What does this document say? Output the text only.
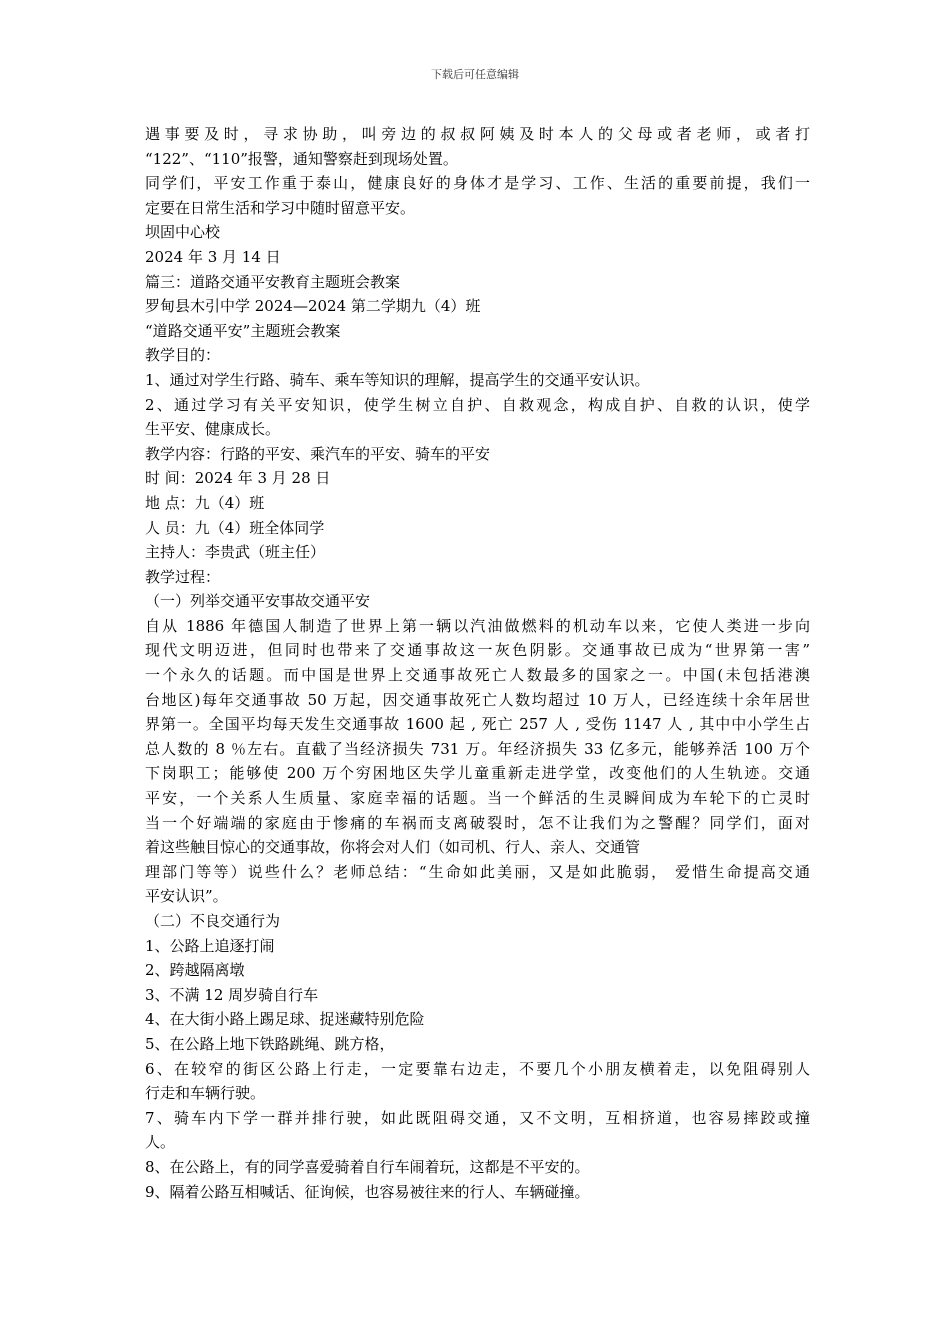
下载后可任意编辑
遇事要及时，寻求协助，叫旁边的叔叔阿姨及时本人的父母或者老师，或者打
“122”、“110”报警，通知警察赶到现场处置。
同学们，平安工作重于泰山，健康良好的身体才是学习、工作、生活的重要前提，我们一
定要在日常生活和学习中随时留意平安。
坝固中心校
2024 年 3 月 14 日
篇三：道路交通平安教育主题班会教案
罗甸县木引中学 2024—2024 第二学期九（4）班
“道路交通平安”主题班会教案
教学目的：
1、通过对学生行路、骑车、乘车等知识的理解，提高学生的交通平安认识。
2、通过学习有关平安知识，使学生树立自护、自救观念，构成自护、自救的认识，使学
生平安、健康成长。
教学内容：行路的平安、乘汽车的平安、骑车的平安
时 间：2024 年 3 月 28 日
地 点：九（4）班
人 员：九（4）班全体同学
主持人：李贵武（班主任）
教学过程：
（一）列举交通平安事故交通平安
自从 1886 年德国人制造了世界上第一辆以汽油做燃料的机动车以来，它使人类进一步向
现代文明迈进，但同时也带来了交通事故这一灰色阴影。交通事故已成为“世界第一害”
一个永久的话题。而中国是世界上交通事故死亡人数最多的国家之一。中国(未包括港澳
台地区)每年交通事故 50 万起，因交通事故死亡人数均超过 10 万人，已经连续十余年居世
界第一。全国平均每天发生交通事故 1600 起 , 死亡 257 人 , 受伤 1147 人 , 其中中小学生占
总人数的 8 ％左右。直截了当经济损失 731 万。年经济损失 33 亿多元，能够养活 100 万个
下岗职工；能够使 200 万个穷困地区失学儿童重新走进学堂，改变他们的人生轨迹。交通
平安，一个关系人生质量、家庭幸福的话题。当一个鲜活的生灵瞬间成为车轮下的亡灵时
当一个好端端的家庭由于惨痛的车祸而支离破裂时，怎不让我们为之警醒？同学们，面对
着这些触目惊心的交通事故，你将会对人们（如司机、行人、亲人、交通管
理部门等等）说些什么？老师总结：“生命如此美丽，又是如此脆弱， 爱惜生命提高交通
平安认识”。
（二）不良交通行为
1、公路上追逐打闹
2、跨越隔离墩
3、不满 12 周岁骑自行车
4、在大街小路上踢足球、捉迷藏特别危险
5、在公路上地下铁路跳绳、跳方格，
6、在较窄的街区公路上行走，一定要靠右边走，不要几个小朋友横着走，以免阻碍别人
行走和车辆行驶。
7、骑车内下学一群并排行驶，如此既阻碍交通，又不文明，互相挤道，也容易摔跤或撞
人。
8、在公路上，有的同学喜爱骑着自行车闹着玩，这都是不平安的。
9、隔着公路互相喊话、征询候，也容易被往来的行人、车辆碰撞。
